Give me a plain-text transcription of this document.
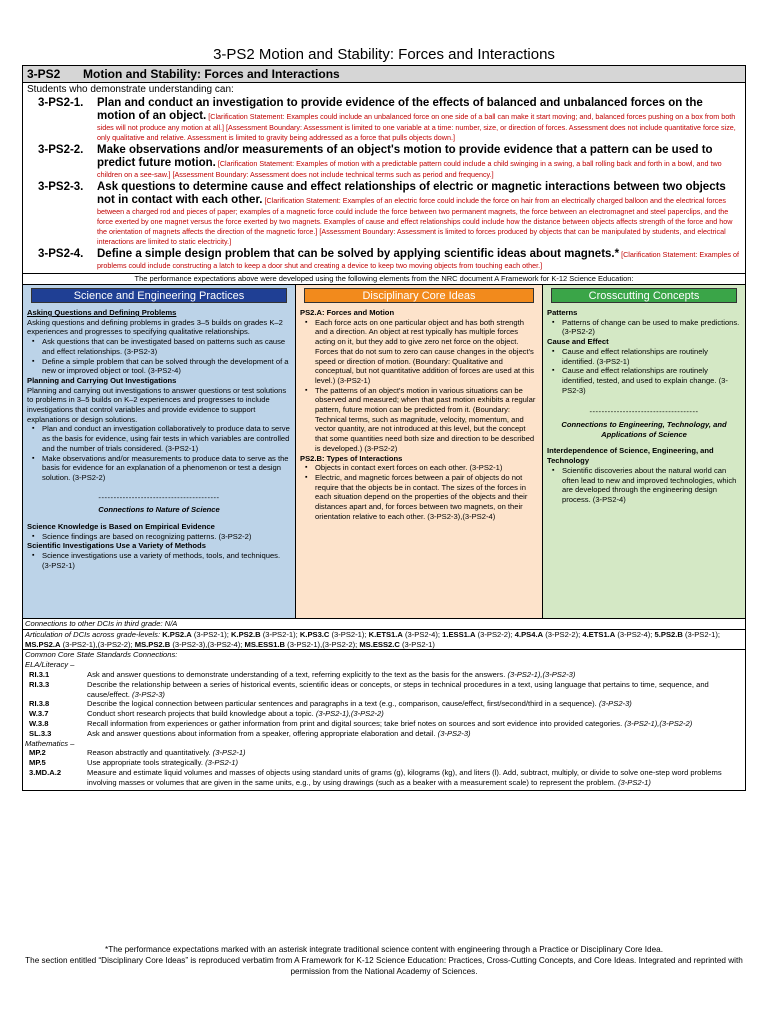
3-PS2 Motion and Stability: Forces and Interactions
3-PS2 Motion and Stability: Forces and Interactions
Students who demonstrate understanding can:
3-PS2-1.	Plan and conduct an investigation to provide evidence of the effects of balanced and unbalanced forces on the motion of an object. [Clarification Statement: Examples could include an unbalanced force on one side of a ball can make it start moving; and, balanced forces pushing on a box from both sides will not produce any motion at all.] [Assessment Boundary: Assessment is limited to one variable at a time: number, size, or direction of forces. Assessment does not include quantitative force size, only qualitative and relative. Assessment is limited to gravity being addressed as a force that pulls objects down.]
3-PS2-2.	Make observations and/or measurements of an object's motion to provide evidence that a pattern can be used to predict future motion. [Clarification Statement: Examples of motion with a predictable pattern could include a child swinging in a swing, a ball rolling back and forth in a bowl, and two children on a see-saw.] [Assessment Boundary: Assessment does not include technical terms such as period and frequency.]
3-PS2-3.	Ask questions to determine cause and effect relationships of electric or magnetic interactions between two objects not in contact with each other. [Clarification Statement: Examples of an electric force could include the force on hair from an electrically charged balloon and the electrical forces between a charged rod and pieces of paper; examples of a magnetic force could include the force between two permanent magnets, the force between an electromagnet and steel paperclips, and the force exerted by one magnet versus the force exerted by two magnets. Examples of cause and effect relationships could include how the distance between objects affects strength of the force and how the orientation of magnets affects the direction of the magnetic force.] [Assessment Boundary: Assessment is limited to forces produced by objects that can be manipulated by students, and electrical interactions are limited to static electricity.]
3-PS2-4.	Define a simple design problem that can be solved by applying scientific ideas about magnets.* [Clarification Statement: Examples of problems could include constructing a latch to keep a door shut and creating a device to keep two moving objects from touching each other.]
The performance expectations above were developed using the following elements from the NRC document A Framework for K-12 Science Education:
Science and Engineering Practices
Asking Questions and Defining Problems
Asking questions and defining problems in grades 3–5 builds on grades K–2 experiences and progresses to specifying qualitative relationships.
▪ Ask questions that can be investigated based on patterns such as cause and effect relationships. (3-PS2-3)
▪ Define a simple problem that can be solved through the development of a new or improved object or tool. (3-PS2-4)
Planning and Carrying Out Investigations
Planning and carrying out investigations to answer questions or test solutions to problems in 3–5 builds on K–2 experiences and progresses to include investigations that control variables and provide evidence to support explanations or design solutions.
▪ Plan and conduct an investigation collaboratively to produce data to serve as the basis for evidence, using fair tests in which variables are controlled and the number of trials considered. (3-PS2-1)
▪ Make observations and/or measurements to produce data to serve as the basis for evidence for an explanation of a phenomenon or test a design solution. (3-PS2-2)
----------------------------------------
Connections to Nature of Science
Science Knowledge is Based on Empirical Evidence
▪ Science findings are based on recognizing patterns. (3-PS2-2)
Scientific Investigations Use a Variety of Methods
▪ Science investigations use a variety of methods, tools, and techniques. (3-PS2-1)
Disciplinary Core Ideas
PS2.A: Forces and Motion
▪ Each force acts on one particular object and has both strength and a direction. An object at rest typically has multiple forces acting on it, but they add to give zero net force on the object. Forces that do not sum to zero can cause changes in the object's speed or direction of motion. (Boundary: Qualitative and conceptual, but not quantitative addition of forces are used at this level.) (3-PS2-1)
▪ The patterns of an object's motion in various situations can be observed and measured; when that past motion exhibits a regular pattern, future motion can be predicted from it. (Boundary: Technical terms, such as magnitude, velocity, momentum, and vector quantity, are not introduced at this level, but the concept that some quantities need both size and direction to be described is developed.) (3-PS2-2)
PS2.B: Types of Interactions
▪ Objects in contact exert forces on each other. (3-PS2-1)
▪ Electric, and magnetic forces between a pair of objects do not require that the objects be in contact. The sizes of the forces in each situation depend on the properties of the objects and their distances apart and, for forces between two magnets, on their orientation relative to each other. (3-PS2-3),(3-PS2-4)
Crosscutting Concepts
Patterns
▪ Patterns of change can be used to make predictions. (3-PS2-2)
Cause and Effect
▪ Cause and effect relationships are routinely identified. (3-PS2-1)
▪ Cause and effect relationships are routinely identified, tested, and used to explain change. (3-PS2-3)
------------------------------------
Connections to Engineering, Technology, and Applications of Science
Interdependence of Science, Engineering, and Technology
▪ Scientific discoveries about the natural world can often lead to new and improved technologies, which are developed through the engineering design process. (3-PS2-4)
Connections to other DCIs in third grade: N/A
Articulation of DCIs across grade-levels: K.PS2.A (3-PS2-1); K.PS2.B (3-PS2-1); K.PS3.C (3-PS2-1); K.ETS1.A (3-PS2-4); 1.ESS1.A (3-PS2-2); 4.PS4.A (3-PS2-2); 4.ETS1.A (3-PS2-4); 5.PS2.B (3-PS2-1); MS.PS2.A (3-PS2-1),(3-PS2-2); MS.PS2.B (3-PS2-3),(3-PS2-4); MS.ESS1.B (3-PS2-1),(3-PS2-2); MS.ESS2.C (3-PS2-1)
Common Core State Standards Connections:
ELA/Literacy –
RI.3.1	Ask and answer questions to demonstrate understanding of a text, referring explicitly to the text as the basis for the answers. (3-PS2-1),(3-PS2-3)
RI.3.3	Describe the relationship between a series of historical events, scientific ideas or concepts, or steps in technical procedures in a text, using language that pertains to time, sequence, and cause/effect. (3-PS2-3)
RI.3.8	Describe the logical connection between particular sentences and paragraphs in a text (e.g., comparison, cause/effect, first/second/third in a sequence). (3-PS2-3)
W.3.7	Conduct short research projects that build knowledge about a topic. (3-PS2-1),(3-PS2-2)
W.3.8	Recall information from experiences or gather information from print and digital sources; take brief notes on sources and sort evidence into provided categories. (3-PS2-1),(3-PS2-2)
SL.3.3	Ask and answer questions about information from a speaker, offering appropriate elaboration and detail. (3-PS2-3)
Mathematics –
MP.2	Reason abstractly and quantitatively. (3-PS2-1)
MP.5	Use appropriate tools strategically. (3-PS2-1)
3.MD.A.2	Measure and estimate liquid volumes and masses of objects using standard units of grams (g), kilograms (kg), and liters (l). Add, subtract, multiply, or divide to solve one-step word problems involving masses or volumes that are given in the same units, e.g., by using drawings (such as a beaker with a measurement scale) to represent the problem. (3-PS2-1)
*The performance expectations marked with an asterisk integrate traditional science content with engineering through a Practice or Disciplinary Core Idea.
The section entitled “Disciplinary Core Ideas” is reproduced verbatim from A Framework for K-12 Science Education: Practices, Cross-Cutting Concepts, and Core Ideas. Integrated and reprinted with permission from the National Academy of Sciences.
